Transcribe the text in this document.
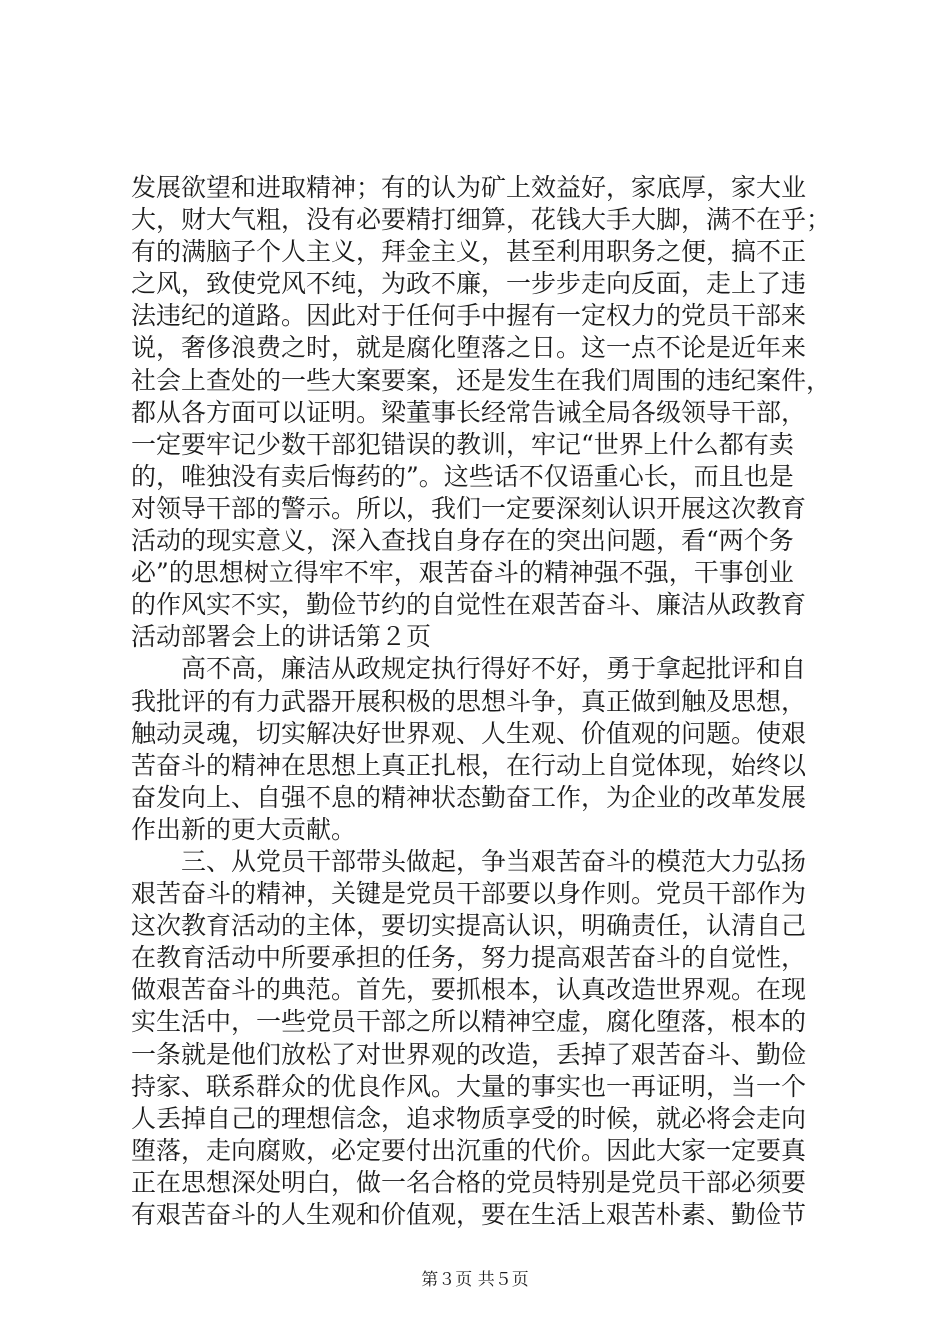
发展欲望和进取精神；有的认为矿上效益好，家底厚，家大业
大，财大气粗，没有必要精打细算，花钱大手大脚，满不在乎；
有的满脑子个人主义，拜金主义，甚至利用职务之便，搞不正
之风，致使党风不纯，为政不廉，一步步走向反面，走上了违
法违纪的道路。因此对于任何手中握有一定权力的党员干部来
说，奢侈浪费之时，就是腐化堕落之日。这一点不论是近年来
社会上查处的一些大案要案，还是发生在我们周围的违纪案件，
都从各方面可以证明。梁董事长经常告诫全局各级领导干部，
一定要牢记少数干部犯错误的教训，牢记“世界上什么都有卖
的，唯独没有卖后悔药的”。这些话不仅语重心长，而且也是
对领导干部的警示。所以，我们一定要深刻认识开展这次教育
活动的现实意义，深入查找自身存在的突出问题，看“两个务
必”的思想树立得牢不牢，艰苦奋斗的精神强不强，干事创业
的作风实不实，勤俭节约的自觉性在艰苦奋斗、廉洁从政教育
活动部署会上的讲话第２页
　　高不高，廉洁从政规定执行得好不好，勇于拿起批评和自
我批评的有力武器开展积极的思想斗争，真正做到触及思想，
触动灵魂，切实解决好世界观、人生观、价值观的问题。使艰
苦奋斗的精神在思想上真正扎根，在行动上自觉体现，始终以
奋发向上、自强不息的精神状态勤奋工作，为企业的改革发展
作出新的更大贡献。
　　三、从党员干部带头做起，争当艰苦奋斗的模范大力弘扬
艰苦奋斗的精神，关键是党员干部要以身作则。党员干部作为
这次教育活动的主体，要切实提高认识，明确责任，认清自己
在教育活动中所要承担的任务，努力提高艰苦奋斗的自觉性，
做艰苦奋斗的典范。首先，要抓根本，认真改造世界观。在现
实生活中，一些党员干部之所以精神空虚，腐化堕落，根本的
一条就是他们放松了对世界观的改造，丢掉了艰苦奋斗、勤俭
持家、联系群众的优良作风。大量的事实也一再证明，当一个
人丢掉自己的理想信念，追求物质享受的时候，就必将会走向
堕落，走向腐败，必定要付出沉重的代价。因此大家一定要真
正在思想深处明白，做一名合格的党员特别是党员干部必须要
有艰苦奋斗的人生观和价值观，要在生活上艰苦朴素、勤俭节
第３页 共５页
